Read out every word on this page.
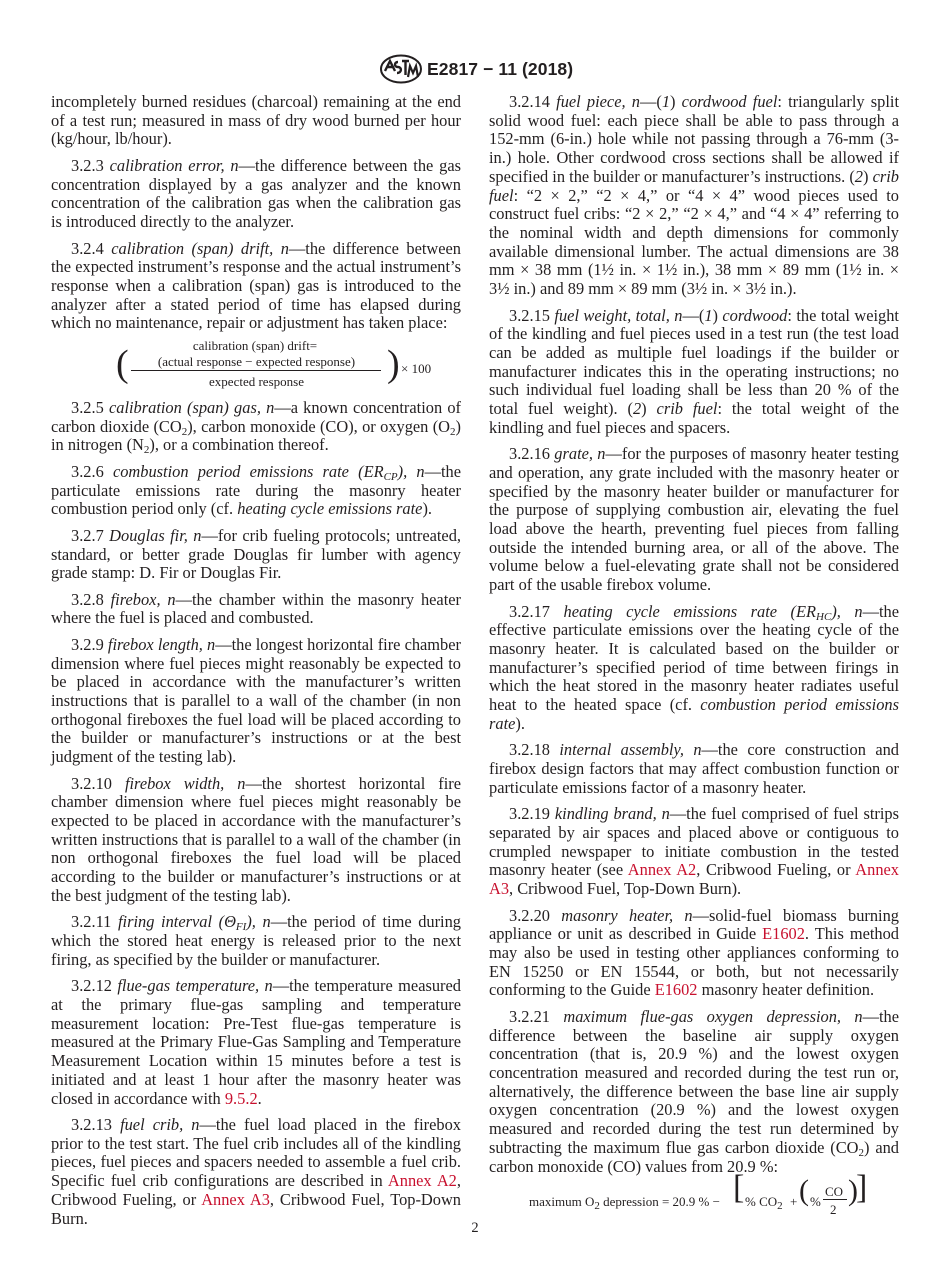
E2817 − 11 (2018)

incompletely burned residues (charcoal) remaining at the end of a test run; measured in mass of dry wood burned per hour (kg/hour, lb/hour).

3.2.3 calibration error, n—the difference between the gas concentration displayed by a gas analyzer and the known concentration of the calibration gas when the calibration gas is introduced directly to the analyzer.

3.2.4 calibration (span) drift, n—the difference between the expected instrument’s response and the actual instrument’s response when a calibration (span) gas is introduced to the analyzer after a stated period of time has elapsed during which no maintenance, repair or adjustment has taken place:

calibration (span) drift=
(	(actual response − expected response)
expected response	) × 100

3.2.5 calibration (span) gas, n—a known concentration of carbon dioxide $(CO_2)$, carbon monoxide (CO), or oxygen $(O_2)$ in nitrogen $(N_2)$, or a combination thereof.

3.2.6 combustion period emissions rate $(ER_{CP})$, n—the particulate emissions rate during the masonry heater combustion period only (cf. heating cycle emissions rate).

3.2.7 Douglas fir, n—for crib fueling protocols; untreated, standard, or better grade Douglas fir lumber with agency grade stamp: D. Fir or Douglas Fir.

3.2.8 firebox, n—the chamber within the masonry heater where the fuel is placed and combusted.

3.2.9 firebox length, n—the longest horizontal fire chamber dimension where fuel pieces might reasonably be expected to be placed in accordance with the manufacturer’s written instructions that is parallel to a wall of the chamber (in non orthogonal fireboxes the fuel load will be placed according to the builder or manufacturer’s instructions or at the best judgment of the testing lab).

3.2.10 firebox width, n—the shortest horizontal fire chamber dimension where fuel pieces might reasonably be expected to be placed in accordance with the manufacturer’s written instructions that is parallel to a wall of the chamber (in non orthogonal fireboxes the fuel load will be placed according to the builder or manufacturer’s instructions or at the best judgment of the testing lab).

3.2.11 firing interval $(\Theta_{FI})$, n—the period of time during which the stored heat energy is released prior to the next firing, as specified by the builder or manufacturer.

3.2.12 flue-gas temperature, n—the temperature measured at the primary flue-gas sampling and temperature measurement location: Pre-Test flue-gas temperature is measured at the Primary Flue-Gas Sampling and Temperature Measurement Location within 15 minutes before a test is initiated and at least 1 hour after the masonry heater was closed in accordance with 9.5.2.

3.2.13 fuel crib, n—the fuel load placed in the firebox prior to the test start. The fuel crib includes all of the kindling pieces, fuel pieces and spacers needed to assemble a fuel crib. Specific fuel crib configurations are described in Annex A2, Cribwood Fueling, or Annex A3, Cribwood Fuel, Top-Down Burn.

3.2.14 fuel piece, n—(1) cordwood fuel: triangularly split solid wood fuel: each piece shall be able to pass through a 152-mm (6-in.) hole while not passing through a 76-mm (3-in.) hole. Other cordwood cross sections shall be allowed if specified in the builder or manufacturer’s instructions. (2) crib fuel: “2 × 2,” “2 × 4,” or “4 × 4” wood pieces used to construct fuel cribs: “2 × 2,” “2 × 4,” and “4 × 4” referring to the nominal width and depth dimensions for commonly available dimensional lumber. The actual dimensions are 38 mm × 38 mm (1½ in. × 1½ in.), 38 mm × 89 mm (1½ in. × 3½ in.) and 89 mm × 89 mm (3½ in. × 3½ in.).

3.2.15 fuel weight, total, n—(1) cordwood: the total weight of the kindling and fuel pieces used in a test run (the test load can be added as multiple fuel loadings if the builder or manufacturer indicates this in the operating instructions; no such individual fuel loading shall be less than 20 % of the total fuel weight). (2) crib fuel: the total weight of the kindling and fuel pieces and spacers.

3.2.16 grate, n—for the purposes of masonry heater testing and operation, any grate included with the masonry heater or specified by the masonry heater builder or manufacturer for the purpose of supplying combustion air, elevating the fuel load above the hearth, preventing fuel pieces from falling outside the intended burning area, or all of the above. The volume below a fuel-elevating grate shall not be considered part of the usable firebox volume.

3.2.17 heating cycle emissions rate $(ER_{HC})$, n—the effective particulate emissions over the heating cycle of the masonry heater. It is calculated based on the builder or manufacturer’s specified period of time between firings in which the heat stored in the masonry heater radiates useful heat to the heated space (cf. combustion period emissions rate).

3.2.18 internal assembly, n—the core construction and firebox design factors that may affect combustion function or particulate emissions factor of a masonry heater.

3.2.19 kindling brand, n—the fuel comprised of fuel strips separated by air spaces and placed above or contiguous to crumpled newspaper to initiate combustion in the tested masonry heater (see Annex A2, Cribwood Fueling, or Annex A3, Cribwood Fuel, Top-Down Burn).

3.2.20 masonry heater, n—solid-fuel biomass burning appliance or unit as described in Guide E1602. This method may also be used in testing other appliances conforming to EN 15250 or EN 15544, or both, but not necessarily conforming to the Guide E1602 masonry heater definition.

3.2.21 maximum flue-gas oxygen depression, n—the difference between the baseline air supply oxygen concentration (that is, 20.9 %) and the lowest oxygen concentration measured and recorded during the test run or, alternatively, the difference between the base line air supply oxygen concentration (20.9 %) and the lowest oxygen measured and recorded during the test run determined by subtracting the maximum flue gas carbon dioxide $(CO_2)$ and carbon monoxide (CO) values from 20.9 %:

maximum $O_2$ depression = 20.9 % − [ % $CO_2$ + ( %
CO
2
)
]
2
